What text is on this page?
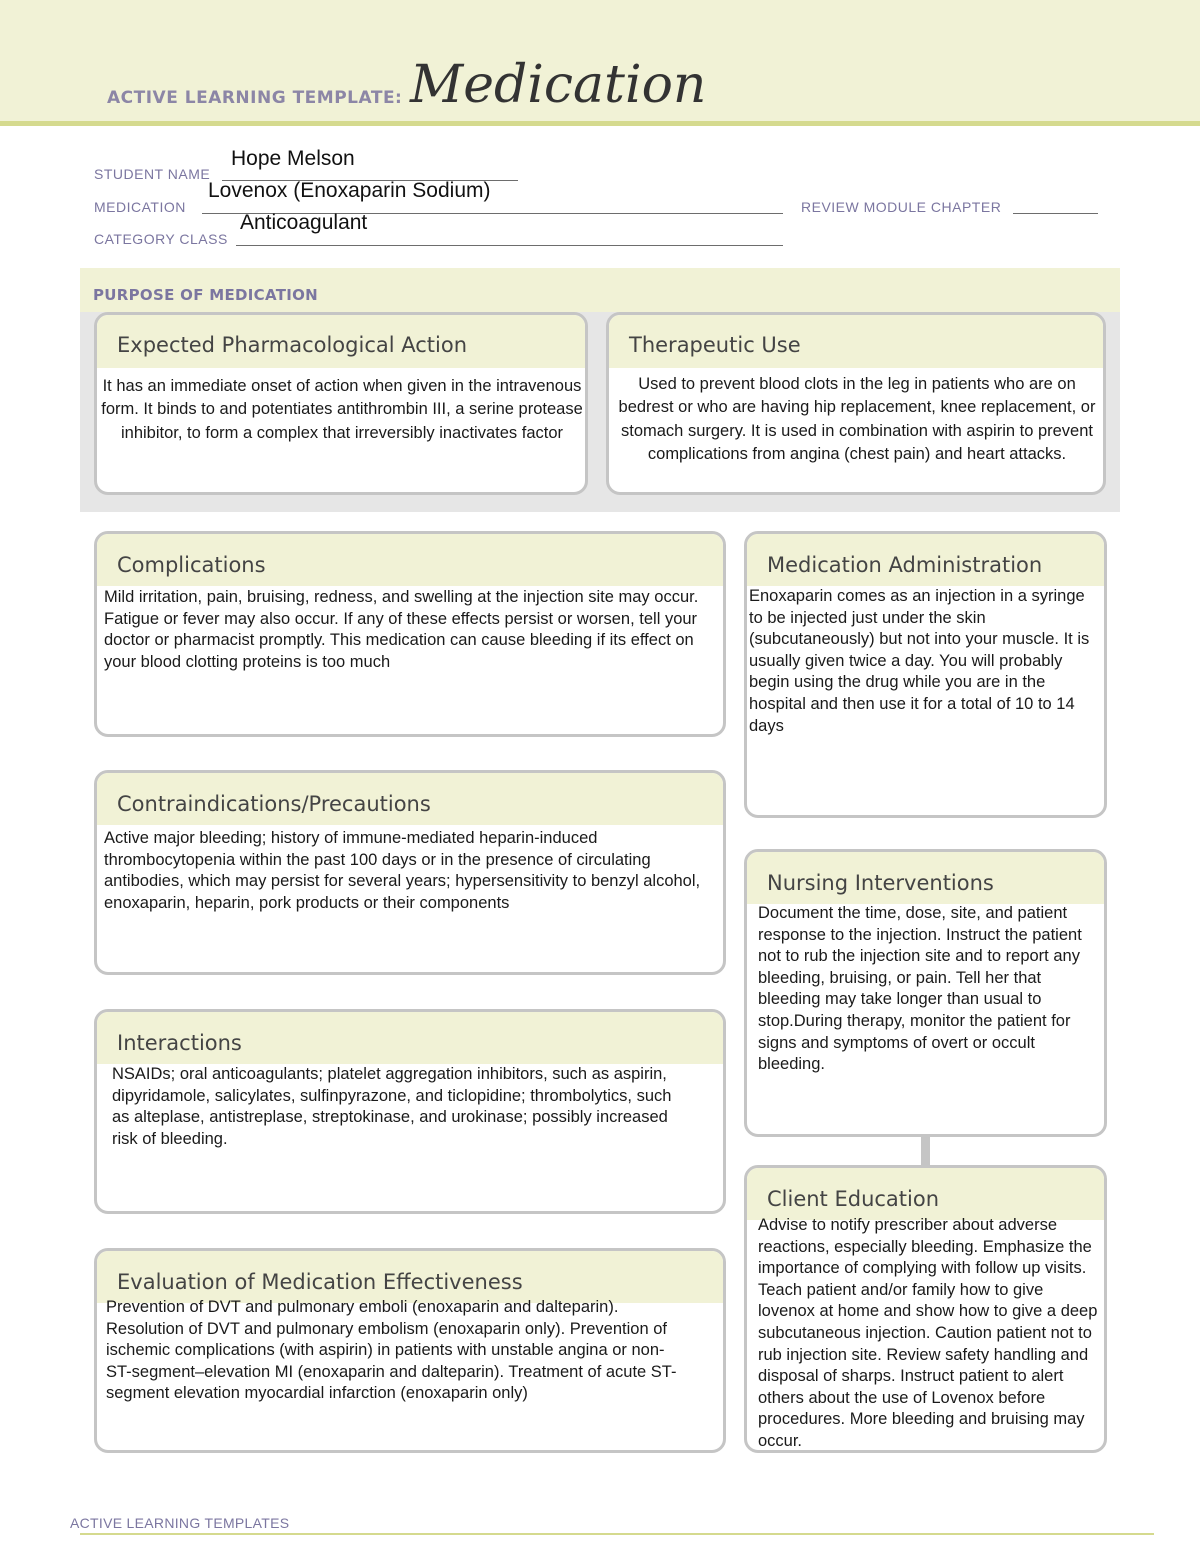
ACTIVE LEARNING TEMPLATE: Medication
STUDENT NAME
Hope Melson
MEDICATION
Lovenox (Enoxaparin Sodium)
REVIEW MODULE CHAPTER
CATEGORY CLASS
Anticoagulant
PURPOSE OF MEDICATION
Expected Pharmacological Action
It has an immediate onset of action when given in the intravenous form. It binds to and potentiates antithrombin III, a serine protease inhibitor, to form a complex that irreversibly inactivates factor
Therapeutic Use
Used to prevent blood clots in the leg in patients who are on bedrest or who are having hip replacement, knee replacement, or stomach surgery. It is used in combination with aspirin to prevent complications from angina (chest pain) and heart attacks.
Complications
Mild irritation, pain, bruising, redness, and swelling at the injection site may occur. Fatigue or fever may also occur. If any of these effects persist or worsen, tell your doctor or pharmacist promptly. This medication can cause bleeding if its effect on your blood clotting proteins is too much
Medication Administration
Enoxaparin comes as an injection in a syringe to be injected just under the skin (subcutaneously) but not into your muscle. It is usually given twice a day. You will probably begin using the drug while you are in the hospital and then use it for a total of 10 to 14 days
Contraindications/Precautions
Active major bleeding; history of immune-mediated heparin-induced thrombocytopenia within the past 100 days or in the presence of circulating antibodies, which may persist for several years; hypersensitivity to benzyl alcohol, enoxaparin, heparin, pork products or their components
Nursing Interventions
Document the time, dose, site, and patient response to the injection. Instruct the patient not to rub the injection site and to report any bleeding, bruising, or pain. Tell her that bleeding may take longer than usual to stop.During therapy, monitor the patient for signs and symptoms of overt or occult bleeding.
Interactions
NSAIDs; oral anticoagulants; platelet aggregation inhibitors, such as aspirin, dipyridamole, salicylates, sulfinpyrazone, and ticlopidine; thrombolytics, such as alteplase, antistreplase, streptokinase, and urokinase; possibly increased risk of bleeding.
Client Education
Advise to notify prescriber about adverse reactions, especially bleeding. Emphasize the importance of complying with follow up visits. Teach patient and/or family how to give lovenox at home and show how to give a deep subcutaneous injection. Caution patient not to rub injection site. Review safety handling and disposal of sharps. Instruct patient to alert others about the use of Lovenox before procedures. More bleeding and bruising may occur.
Evaluation of Medication Effectiveness
Prevention of DVT and pulmonary emboli (enoxaparin and dalteparin). Resolution of DVT and pulmonary embolism (enoxaparin only). Prevention of ischemic complications (with aspirin) in patients with unstable angina or non-ST-segment–elevation MI (enoxaparin and dalteparin). Treatment of acute ST-segment elevation myocardial infarction (enoxaparin only)
ACTIVE LEARNING TEMPLATES
